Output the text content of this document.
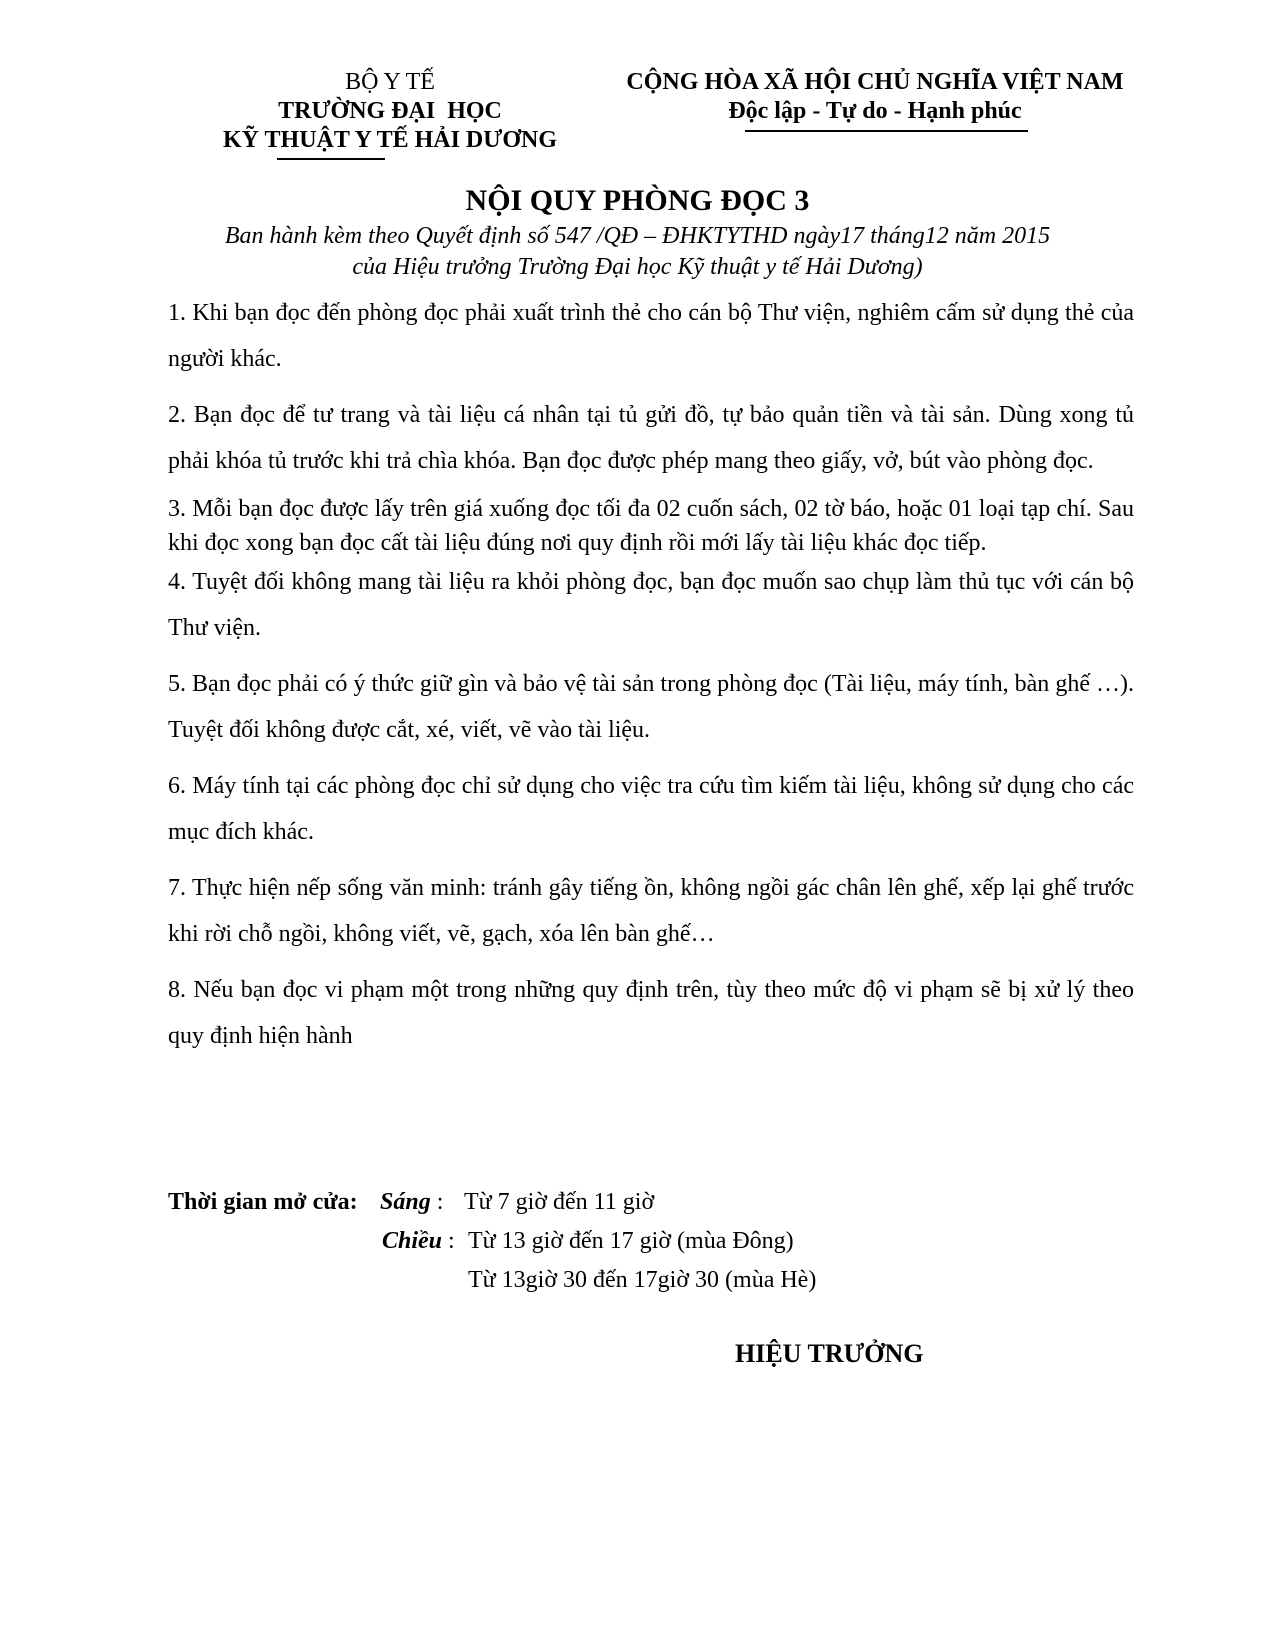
BỘ Y TẾ
TRƯỜNG ĐẠI  HỌC
KỸ THUẬT Y TẾ HẢI DƯƠNG
CỘNG HÒA XÃ HỘI CHỦ NGHĨA VIỆT NAM
Độc lập - Tự do - Hạnh phúc
NỘI QUY PHÒNG ĐỌC 3
Ban hành kèm theo Quyết định số 547 /QĐ – ĐHKTYTHD ngày17 tháng12 năm 2015
của Hiệu trưởng Trường Đại học Kỹ thuật y tế Hải Dương)

1. Khi bạn đọc đến phòng đọc phải xuất trình thẻ cho cán bộ Thư viện, nghiêm cấm sử dụng thẻ của người khác.

2. Bạn đọc để tư trang và tài liệu cá nhân tại tủ gửi đồ, tự bảo quản tiền và tài sản. Dùng xong tủ phải khóa tủ trước khi trả chìa khóa. Bạn đọc được phép mang theo giấy, vở, bút vào phòng đọc.

3. Mỗi bạn đọc được lấy trên giá xuống đọc tối đa 02 cuốn sách, 02 tờ báo, hoặc 01 loại tạp chí. Sau khi đọc xong bạn đọc cất tài liệu đúng nơi quy định rồi mới lấy tài liệu khác đọc tiếp.

4. Tuyệt đối không mang tài liệu ra khỏi phòng đọc, bạn đọc muốn sao chụp làm thủ tục với cán bộ Thư viện.

5. Bạn đọc phải có ý thức giữ gìn và bảo vệ tài sản trong phòng đọc (Tài liệu, máy tính, bàn ghế …). Tuyệt đối không được cắt, xé, viết, vẽ vào tài liệu.

6. Máy tính tại các phòng đọc chỉ sử dụng cho việc tra cứu tìm kiếm tài liệu, không sử dụng cho các mục đích khác.

7. Thực hiện nếp sống văn minh: tránh gây tiếng ồn, không ngồi gác chân lên ghế, xếp lại ghế trước khi rời chỗ ngồi, không viết, vẽ, gạch, xóa lên bàn ghế…

8. Nếu bạn đọc vi phạm một trong những quy định trên, tùy theo mức độ vi phạm sẽ bị xử lý theo quy định hiện hành

Thời gian mở cửa: Sáng : Từ 7 giờ đến 11 giờ
Chiều : Từ 13 giờ đến 17 giờ (mùa Đông)
Từ 13giờ 30 đến 17giờ 30 (mùa Hè)
HIỆU TRƯỞNG
